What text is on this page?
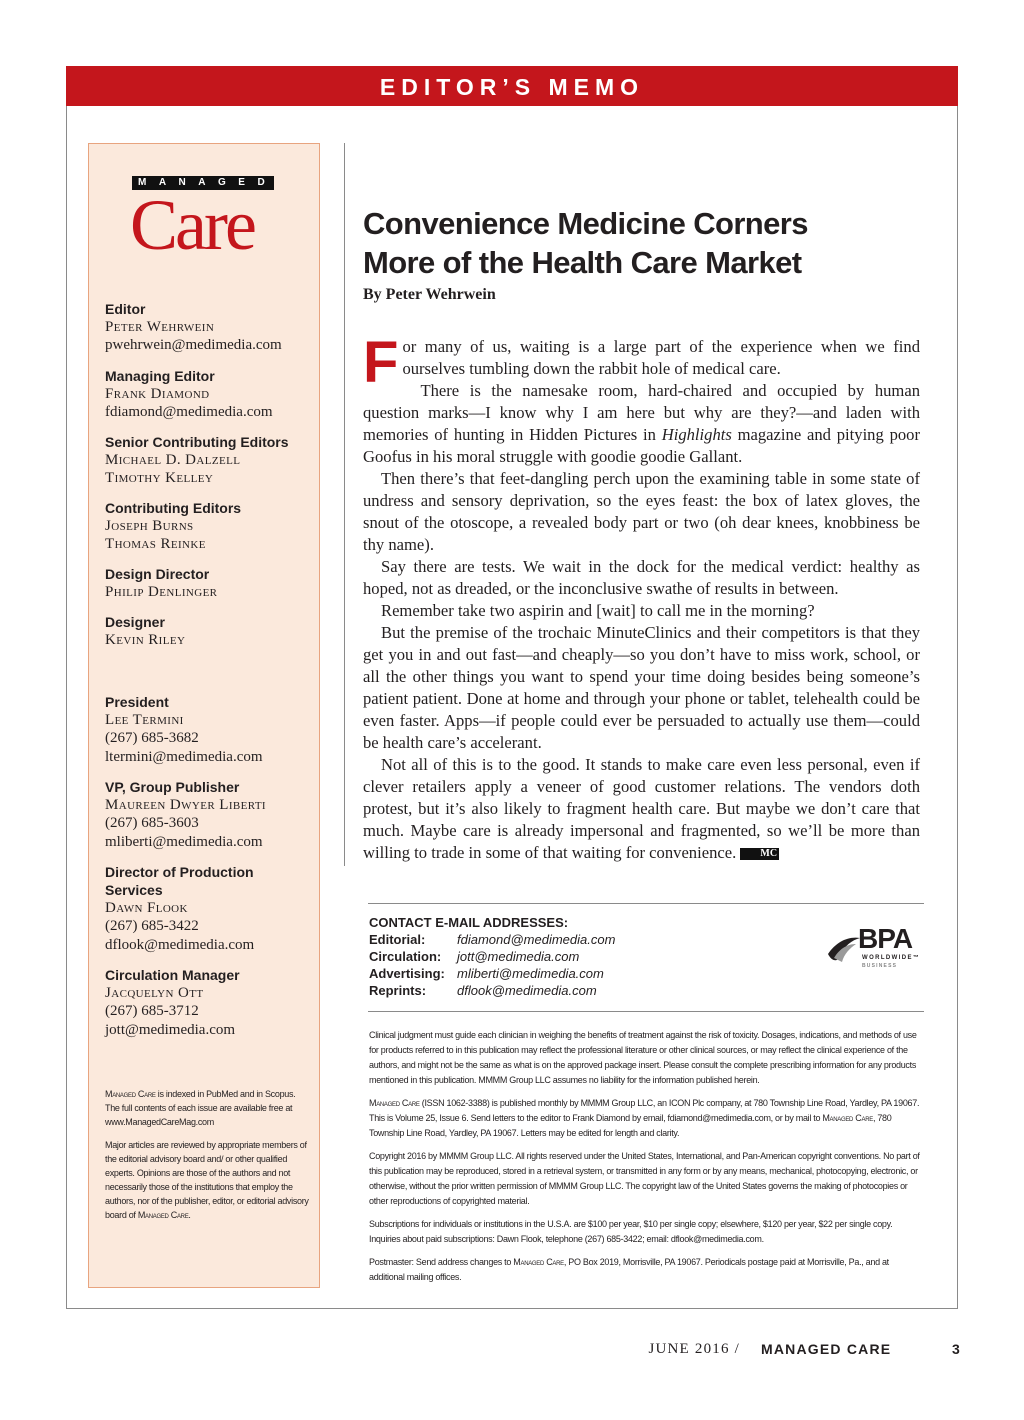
EDITOR’S MEMO
MANAGED
Care
Editor
Peter Wehrwein
pwehrwein@medimedia.com
Managing Editor
Frank Diamond
fdiamond@medimedia.com
Senior Contributing Editors
Michael D. Dalzell
Timothy Kelley
Contributing Editors
Joseph Burns
Thomas Reinke
Design Director
Philip Denlinger
Designer
Kevin Riley
President
Lee Termini
(267) 685-3682
ltermini@medimedia.com
VP, Group Publisher
Maureen Dwyer Liberti
(267) 685-3603
mliberti@medimedia.com
Director of Production Services
Dawn Flook
(267) 685-3422
dflook@medimedia.com
Circulation Manager
Jacquelyn Ott
(267) 685-3712
jott@medimedia.com

Managed Care is indexed in PubMed and in Scopus. The full contents of each issue are available free at www.ManagedCareMag.com

Major articles are reviewed by appropriate members of the editorial advisory board and/ or other qualified experts. Opinions are those of the authors and not necessarily those of the institutions that employ the authors, nor of the publisher, editor, or editorial advisory board of Managed Care.

Convenience Medicine Corners
More of the Health Care Market
By Peter Wehrwein

For many of us, waiting is a large part of the experience when we find ourselves tumbling down the rabbit hole of medical care.

There is the namesake room, hard-chaired and occupied by human question marks—I know why I am here but why are they?—and laden with memories of hunting in Hidden Pictures in Highlights magazine and pitying poor Goofus in his moral struggle with goodie goodie Gallant.

Then there’s that feet-dangling perch upon the examining table in some state of undress and sensory deprivation, so the eyes feast: the box of latex gloves, the snout of the otoscope, a revealed body part or two (oh dear knees, knobbiness be thy name).

Say there are tests. We wait in the dock for the medical verdict: healthy as hoped, not as dreaded, or the inconclusive swathe of results in between.

Remember take two aspirin and [wait] to call me in the morning?

But the premise of the trochaic MinuteClinics and their competitors is that they get you in and out fast—and cheaply—so you don’t have to miss work, school, or all the other things you want to spend your time doing besides being someone’s patient patient. Done at home and through your phone or tablet, telehealth could be even faster. Apps—if people could ever be persuaded to actually use them—could be health care’s accelerant.

Not all of this is to the good. It stands to make care even less personal, even if clever retailers apply a veneer of good customer relations. The vendors doth protest, but it’s also likely to fragment health care. But maybe we don’t care that much. Maybe care is already impersonal and fragmented, so we’ll be more than willing to trade in some of that waiting for convenience. MC

CONTACT E-MAIL ADDRESSES:
Editorial:	fdiamond@medimedia.com
Circulation:	jott@medimedia.com
Advertising: mliberti@medimedia.com
Reprints:	dflook@medimedia.com
BPA
WORLDWIDE™
BUSINESS

Clinical judgment must guide each clinician in weighing the benefits of treatment against the risk of toxicity. Dosages, indications, and methods of use for products referred to in this publication may reflect the professional literature or other clinical sources, or may reflect the clinical experience of the authors, and might not be the same as what is on the approved package insert. Please consult the complete prescribing information for any products mentioned in this publication. MMMM Group LLC assumes no liability for the information published herein.

Managed Care (ISSN 1062-3388) is published monthly by MMMM Group LLC, an ICON Plc company, at 780 Township Line Road, Yardley, PA 19067. This is Volume 25, Issue 6. Send letters to the editor to Frank Diamond by email, fdiamond@medimedia.com, or by mail to Managed Care, 780 Township Line Road, Yardley, PA 19067. Letters may be edited for length and clarity.

Copyright 2016 by MMMM Group LLC. All rights reserved under the United States, International, and Pan-American copyright conventions. No part of this publication may be reproduced, stored in a retrieval system, or transmitted in any form or by any means, mechanical, photocopying, electronic, or otherwise, without the prior written permission of MMMM Group LLC. The copyright law of the United States governs the making of photocopies or other reproductions of copyrighted material.

Subscriptions for individuals or institutions in the U.S.A. are $100 per year, $10 per single copy; elsewhere, $120 per year, $22 per single copy. Inquiries about paid subscriptions: Dawn Flook, telephone (267) 685-3422; email: dflook@medimedia.com.

Postmaster: Send address changes to Managed Care, PO Box 2019, Morrisville, PA 19067. Periodicals postage paid at Morrisville, Pa., and at additional mailing offices.

JUNE 2016 / MANAGED CARE	3
